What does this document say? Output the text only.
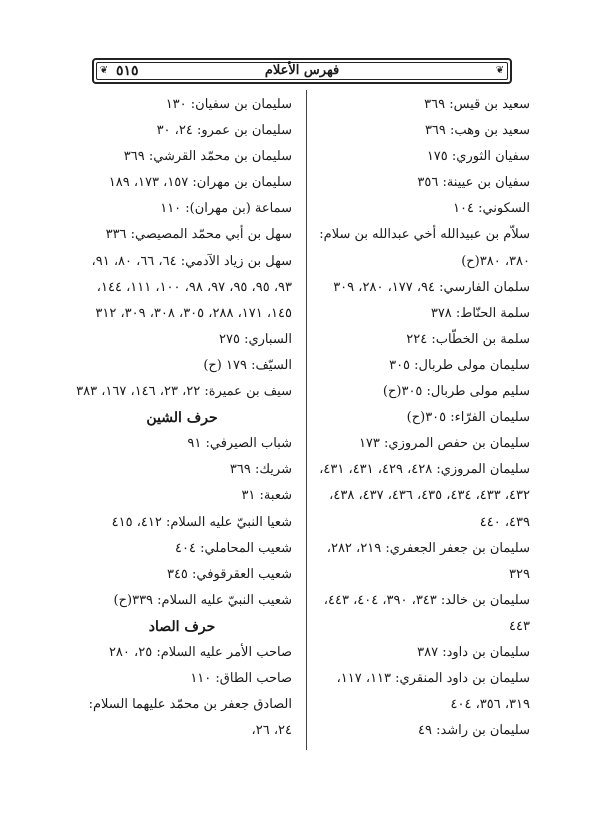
❦ ٥١٥	فهرس الأعلام	❦

سعيد بن قيس: ٣٦٩

سعيد بن وهب: ٣٦٩

سفيان الثوري: ١٧٥

سفيان بن عيينة: ٣٥٦

السكوني: ١٠٤

سلاّم بن عبيدالله أخي عبدالله بن سلام: ٣٨٠، ٣٨٠(ح)

سلمان الفارسي: ٩٤، ١٧٧، ٢٨٠، ٣٠٩

سلمة الحنّاط: ٣٧٨

سلمة بن الخطّاب: ٢٢٤

سليمان مولى طربال: ٣٠٥

سليم مولى طربال: ٣٠٥(ح)

سليمان الفرّاء: ٣٠٥(ح)

سليمان بن حفص المروزي: ١٧٣

سليمان المروزي: ٤٢٨، ٤٢٩، ٤٣١، ٤٣١، ٤٣٢، ٤٣٣، ٤٣٤، ٤٣٥، ٤٣٦، ٤٣٧، ٤٣٨، ٤٣٩، ٤٤٠

سليمان بن جعفر الجعفري: ٢١٩، ٢٨٢، ٣٢٩

سليمان بن خالد: ٣٤٣، ٣٩٠، ٤٠٤، ٤٤٣، ٤٤٣

سليمان بن داود: ٣٨٧

سليمان بن داود المنقري: ١١٣، ١١٧، ٣١٩، ٣٥٦، ٤٠٤

سليمان بن راشد: ٤٩

سليمان بن سفيان: ١٣٠

سليمان بن عمرو: ٢٤، ٣٠

سليمان بن محمّد القرشي: ٣٦٩

سليمان بن مهران: ١٥٧، ١٧٣، ١٨٩

سماعة (بن مهران): ١١٠

سهل بن أبي محمّد المصيصي: ٣٣٦

سهل بن زياد الآدمي: ٦٤، ٦٦، ٨٠، ٩١، ٩٣، ٩٥، ٩٥، ٩٧، ٩٨، ١٠٠، ١١١، ١٤٤، ١٤٥، ١٧١، ٢٨٨، ٣٠٥، ٣٠٨، ٣٠٩، ٣١٢

السباري: ٢٧٥

السيّف: ١٧٩ (ح)

سيف بن عميرة: ٢٢، ٢٣، ١٤٦، ١٦٧، ٣٨٣

حرف الشين

شباب الصيرفي: ٩١

شريك: ٣٦٩

شعبة: ٣١

شعيا النبيّ عليه السلام: ٤١٢، ٤١٥

شعيب المحاملي: ٤٠٤

شعيب العقرقوفي: ٣٤٥

شعيب النبيّ عليه السلام: ٣٣٩(ح)

حرف الصاد

صاحب الأمر عليه السلام: ٢٥، ٢٨٠

صاحب الطاق: ١١٠

الصادق جعفر بن محمّد عليهما السلام: ٢٤، ٢٦،
